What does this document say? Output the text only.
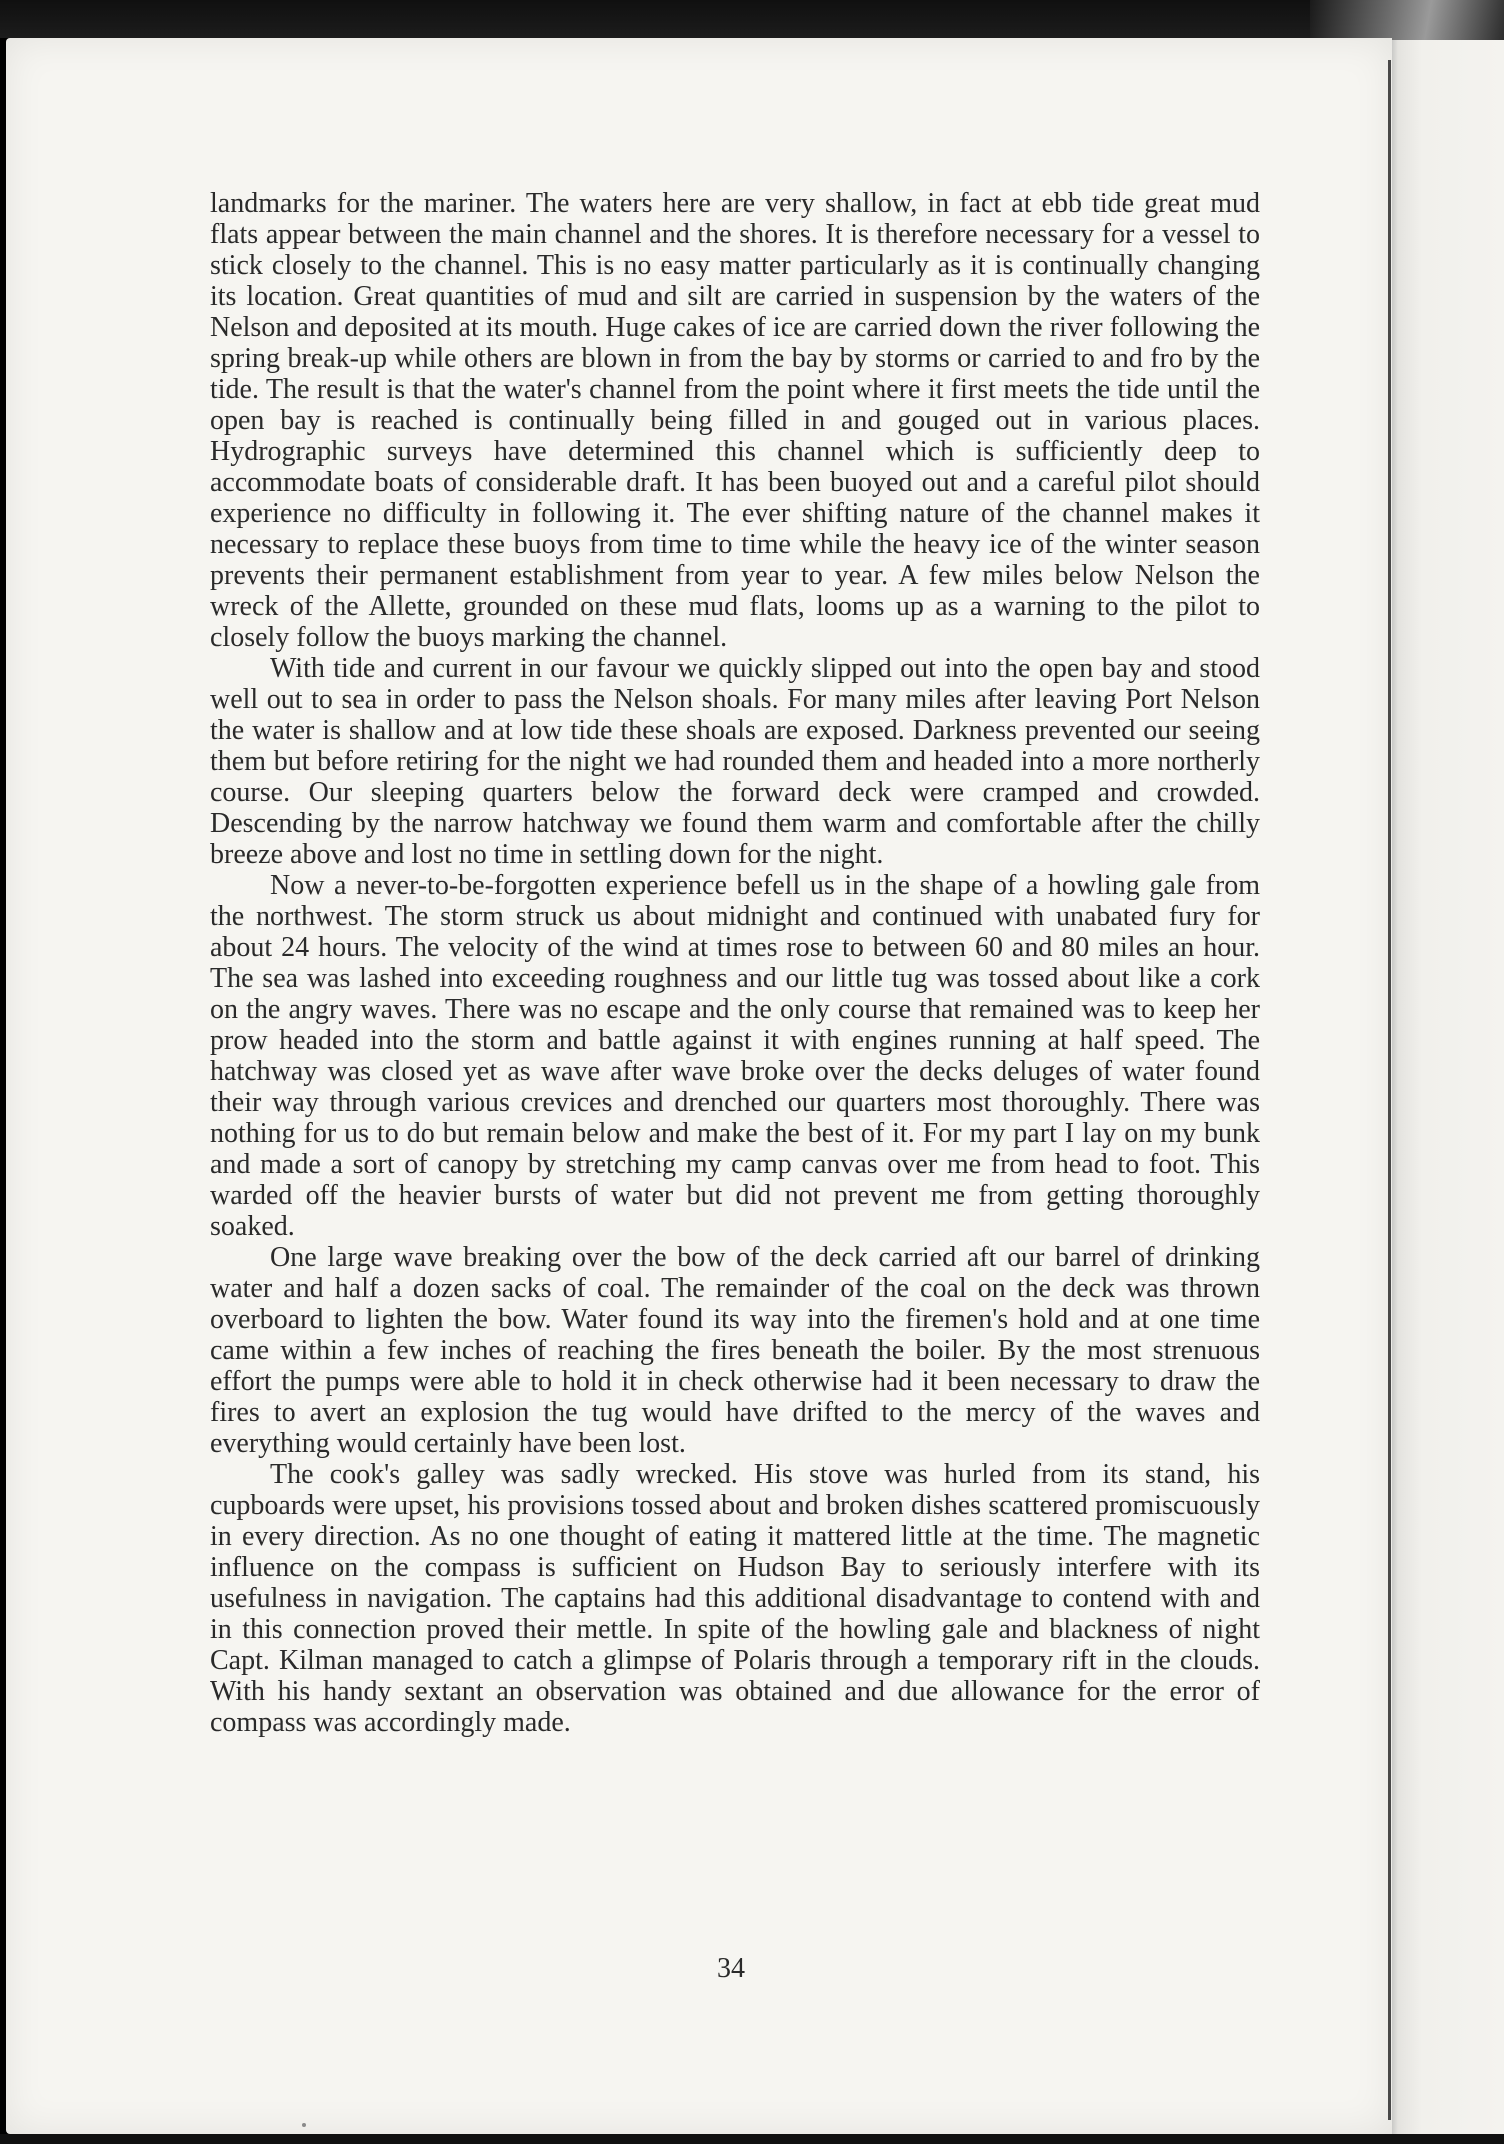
landmarks for the mariner. The waters here are very shallow, in fact at ebb tide great mud flats appear between the main channel and the shores. It is therefore necessary for a vessel to stick closely to the channel. This is no easy matter particularly as it is continually changing its location. Great quantities of mud and silt are carried in suspension by the waters of the Nelson and deposited at its mouth. Huge cakes of ice are carried down the river following the spring break-up while others are blown in from the bay by storms or carried to and fro by the tide. The result is that the water's channel from the point where it first meets the tide until the open bay is reached is continually being filled in and gouged out in various places. Hydrographic surveys have determined this channel which is sufficiently deep to accommodate boats of considerable draft. It has been buoyed out and a careful pilot should experience no difficulty in following it. The ever shifting nature of the channel makes it necessary to replace these buoys from time to time while the heavy ice of the winter season prevents their permanent establishment from year to year. A few miles below Nelson the wreck of the Allette, grounded on these mud flats, looms up as a warning to the pilot to closely follow the buoys marking the channel.

With tide and current in our favour we quickly slipped out into the open bay and stood well out to sea in order to pass the Nelson shoals. For many miles after leaving Port Nelson the water is shallow and at low tide these shoals are exposed. Darkness prevented our seeing them but before retiring for the night we had rounded them and headed into a more northerly course. Our sleeping quarters below the forward deck were cramped and crowded. Descending by the narrow hatchway we found them warm and comfortable after the chilly breeze above and lost no time in settling down for the night.

Now a never-to-be-forgotten experience befell us in the shape of a howling gale from the northwest. The storm struck us about midnight and continued with unabated fury for about 24 hours. The velocity of the wind at times rose to between 60 and 80 miles an hour. The sea was lashed into exceeding roughness and our little tug was tossed about like a cork on the angry waves. There was no escape and the only course that remained was to keep her prow headed into the storm and battle against it with engines running at half speed. The hatchway was closed yet as wave after wave broke over the decks deluges of water found their way through various crevices and drenched our quarters most thoroughly. There was nothing for us to do but remain below and make the best of it. For my part I lay on my bunk and made a sort of canopy by stretching my camp canvas over me from head to foot. This warded off the heavier bursts of water but did not prevent me from getting thoroughly soaked.

One large wave breaking over the bow of the deck carried aft our barrel of drinking water and half a dozen sacks of coal. The remainder of the coal on the deck was thrown overboard to lighten the bow. Water found its way into the firemen's hold and at one time came within a few inches of reaching the fires beneath the boiler. By the most strenuous effort the pumps were able to hold it in check otherwise had it been necessary to draw the fires to avert an explosion the tug would have drifted to the mercy of the waves and everything would certainly have been lost.

The cook's galley was sadly wrecked. His stove was hurled from its stand, his cupboards were upset, his provisions tossed about and broken dishes scattered promiscuously in every direction. As no one thought of eating it mattered little at the time. The magnetic influence on the compass is sufficient on Hudson Bay to seriously interfere with its usefulness in navigation. The captains had this additional disadvantage to contend with and in this connection proved their mettle. In spite of the howling gale and blackness of night Capt. Kilman managed to catch a glimpse of Polaris through a temporary rift in the clouds. With his handy sextant an observation was obtained and due allowance for the error of compass was accordingly made.

34
